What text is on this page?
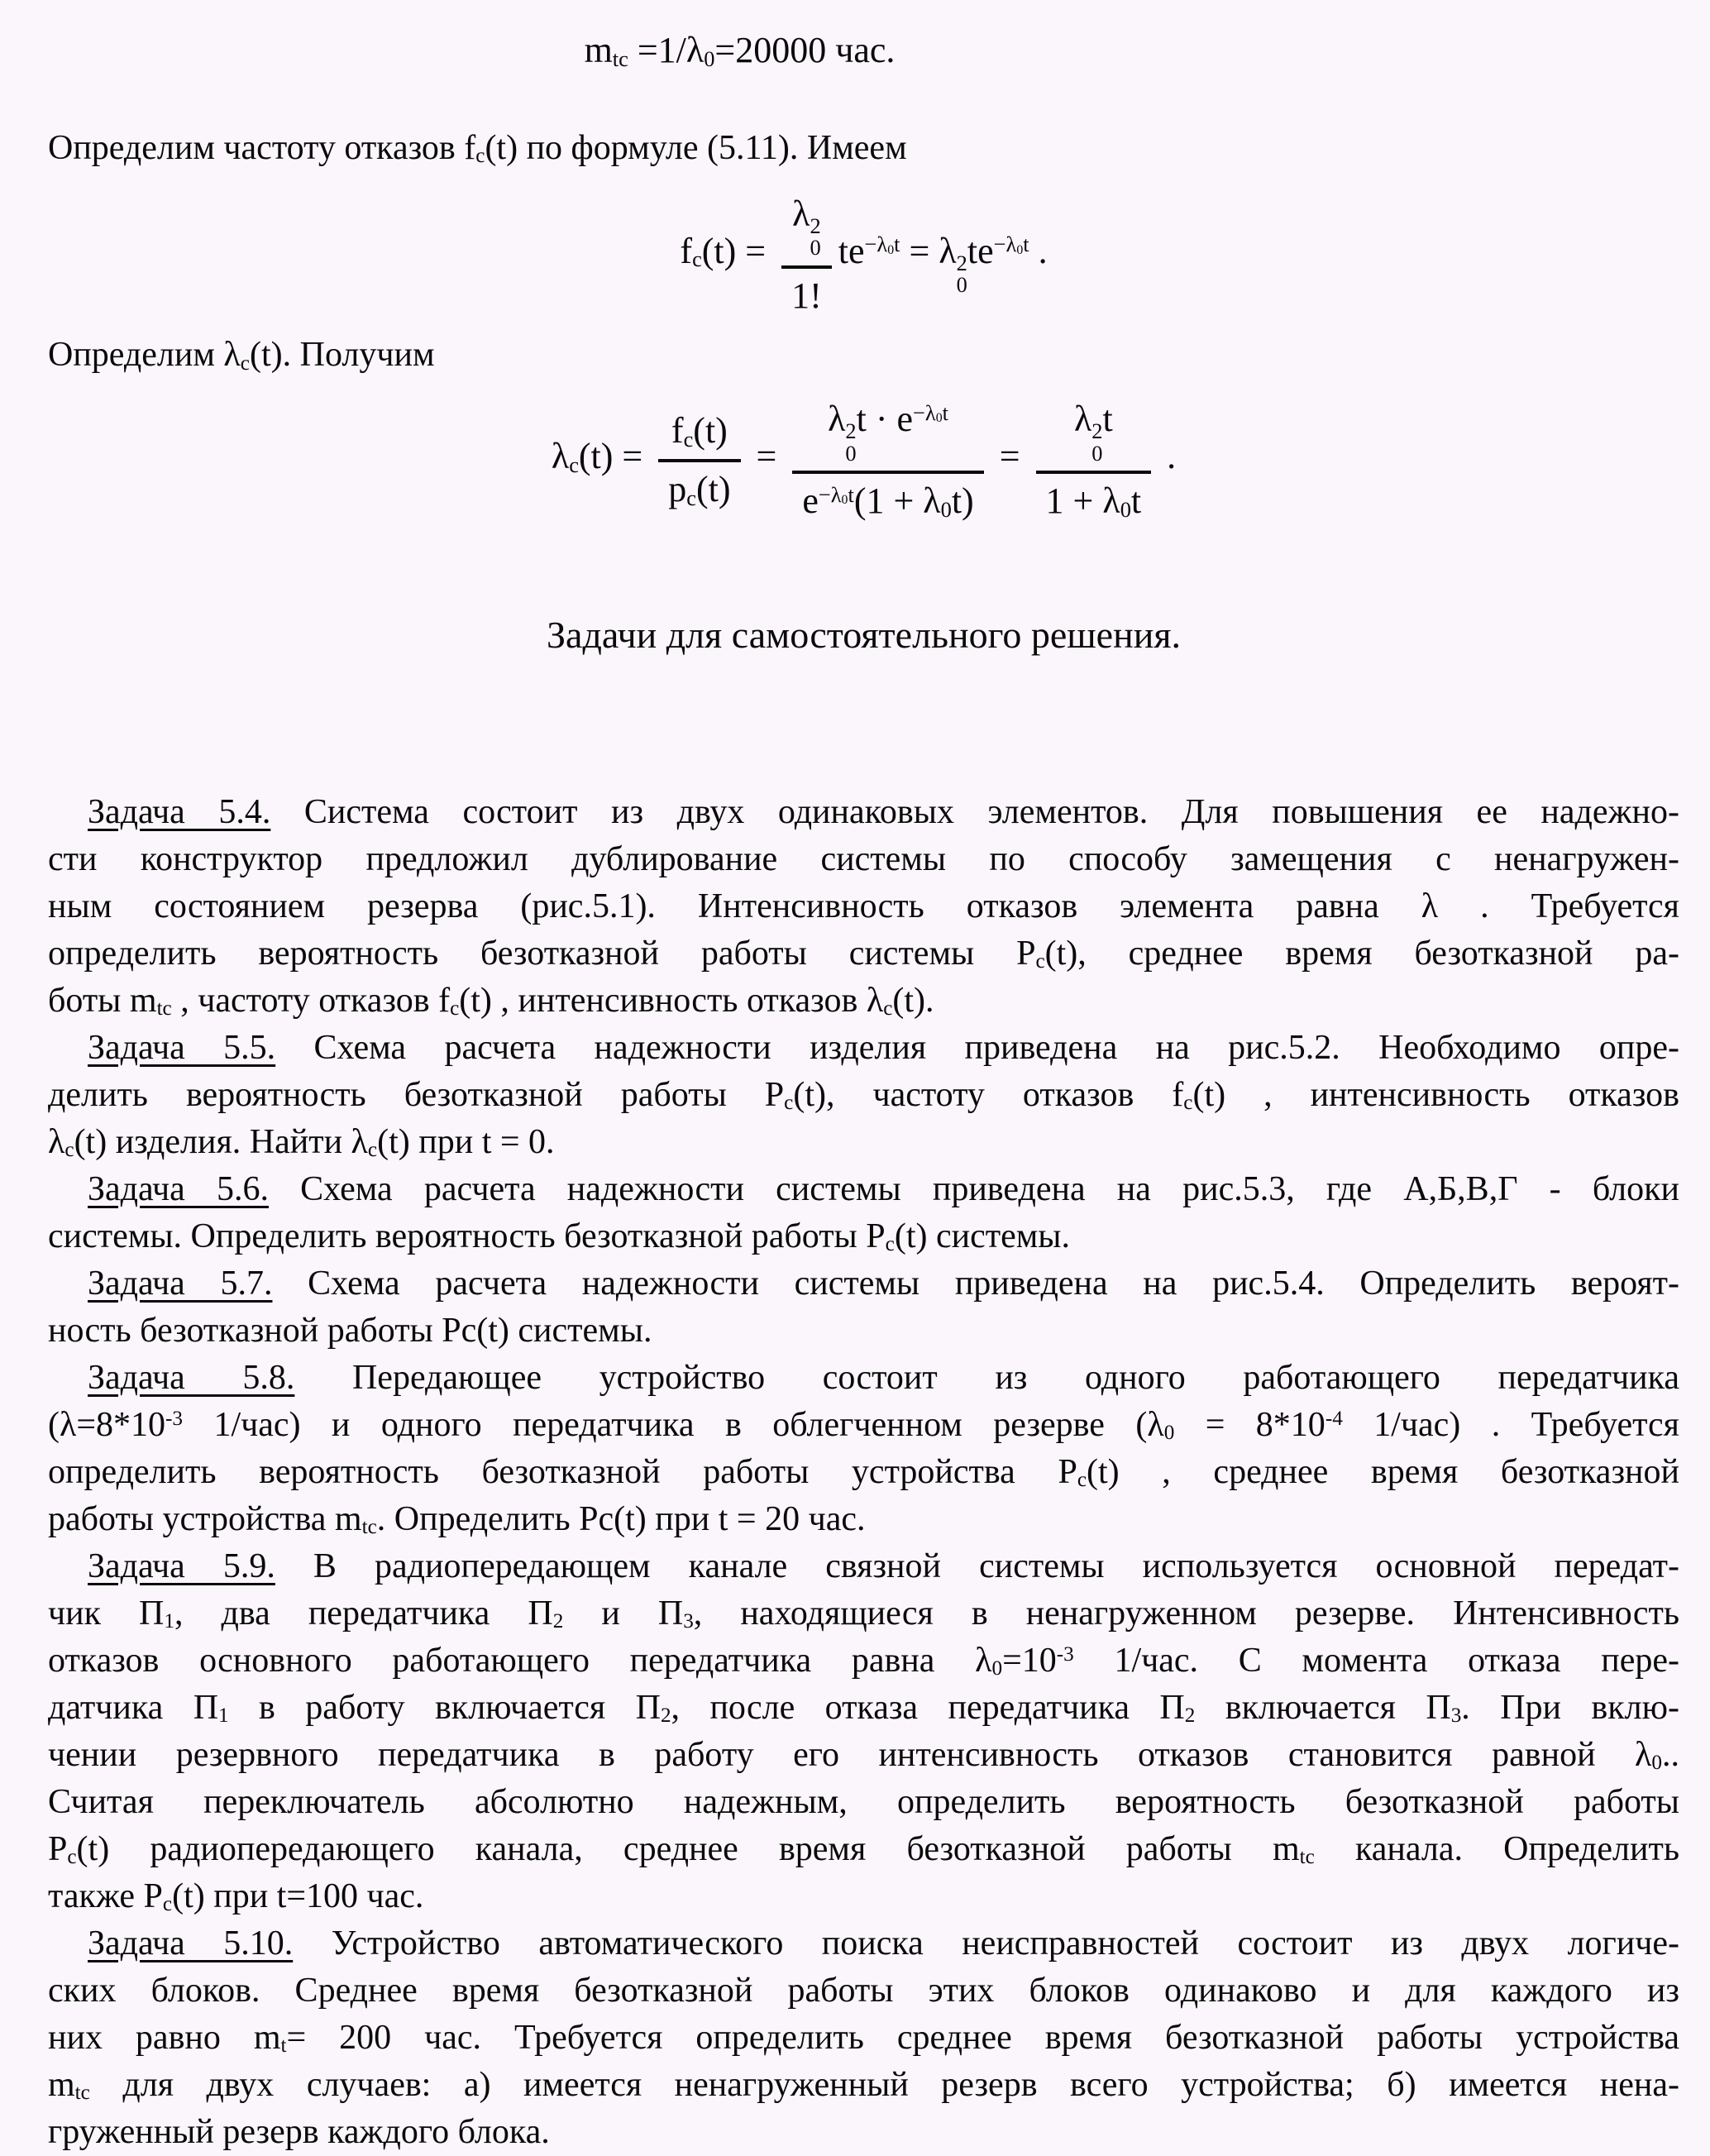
$m_{tc} =1/\lambda_0=20000$ час.
Определим частоту отказов $f_c(t)$ по формуле (5.11). Имеем
$f_c(t) = \lambda$ 2
0
1! $te^{-\lambda_0t} = \lambda$ 2
0
$te^{-\lambda_0t}$ .
Определим $\lambda_c(t)$. Получим
$\lambda_c(t) = \frac{f_c(t)}{p_c(t)} = \lambda$ 2
0
$t \cdot e^{-\lambda_0t}$
$e^{-\lambda_0t}(1 + \lambda_0t) = \lambda$ 2
0
t
$1 + \lambda_0t$ .
Задачи для самостоятельного решения.
Задача 5.4. Система состоит из двух одинаковых элементов. Для повышения ее надежно-
сти конструктор предложил дублирование системы по способу замещения с ненагружен-
ным состоянием резерва (рис.5.1). Интенсивность отказов элемента равна λ . Требуется
определить вероятность безотказной работы системы $P_c(t)$, среднее время безотказной ра-
боты $m_{tc}$ , частоту отказов $f_c(t)$ , интенсивность отказов $\lambda_c(t)$.
Задача 5.5. Схема расчета надежности изделия приведена на рис.5.2. Необходимо опре-
делить вероятность безотказной работы $P_c(t)$, частоту отказов $f_c(t)$ , интенсивность отказов
$\lambda_c(t)$ изделия. Найти $\lambda_c(t)$ при t = 0.
Задача 5.6. Схема расчета надежности системы приведена на рис.5.3, где А,Б,В,Г - блоки
системы. Определить вероятность безотказной работы $P_c(t)$ системы.
Задача 5.7. Схема расчета надежности системы приведена на рис.5.4. Определить вероят-
ность безотказной работы Pc(t) системы.
Задача 5.8. Передающее устройство состоит из одного работающего передатчика
($\lambda=8*10^{-3}$ 1/час) и одного передатчика в облегченном резерве ($\lambda_0 = 8*10^{-4}$ 1/час) . Требуется
определить вероятность безотказной работы устройства $P_c(t)$ , среднее время безотказной
работы устройства $m_{tc}$. Определить Pc(t) при t = 20 час.
Задача 5.9. В радиопередающем канале связной системы используется основной передат-
чик $П_1$, два передатчика $П_2$ и $П_3$, находящиеся в ненагруженном резерве. Интенсивность
отказов основного работающего передатчика равна $\lambda_0=10^{-3}$ 1/час. С момента отказа пере-
датчика $П_1$ в работу включается $П_2$, после отказа передатчика $П_2$ включается $П_3$. При вклю-
чении резервного передатчика в работу его интенсивность отказов становится равной $\lambda_0$..
Считая переключатель абсолютно надежным, определить вероятность безотказной работы
$P_c(t)$ радиопередающего канала, среднее время безотказной работы $m_{tc}$ канала. Определить
также $P_c(t)$ при t=100 час.
Задача 5.10. Устройство автоматического поиска неисправностей состоит из двух логиче-
ских блоков. Среднее время безотказной работы этих блоков одинаково и для каждого из
них равно $m_t= 200$ час. Требуется определить среднее время безотказной работы устройства
$m_{tc}$ для двух случаев: а) имеется ненагруженный резерв всего устройства; б) имеется нена-
груженный резерв каждого блока.
